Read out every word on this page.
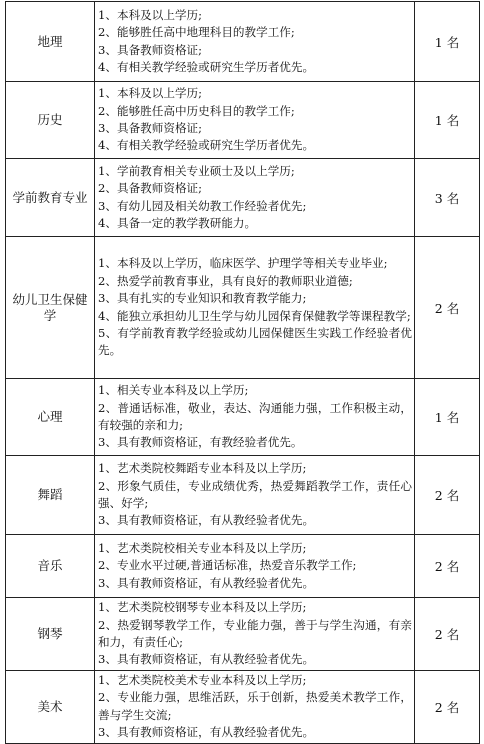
地理	1、本科及以上学历;
2、能够胜任高中地理科目的教学工作;
3、具备教师资格证;
4、有相关教学经验或研究生学历者优先。	1 名
历史	1、本科及以上学历;
2、能够胜任高中历史科目的教学工作;
3、具备教师资格证;
4、有相关教学经验或研究生学历者优先。	1 名
学前教育专业	1、学前教育相关专业硕士及以上学历;
2、具备教师资格证;
3、有幼儿园及相关幼教工作经验者优先;
4、具备一定的教学教研能力。	3 名
幼儿卫生保健学	1、本科及以上学历，临床医学、护理学等相关专业毕业;
2、热爱学前教育事业，具有良好的教师职业道德;
3、具有扎实的专业知识和教育教学能力;
4、能独立承担幼儿卫生学与幼儿园保育保健教学等课程教学;
5、有学前教育教学经验或幼儿园保健医生实践工作经验者优先。	2 名
心理	1、相关专业本科及以上学历;
2、普通话标准，敬业，表达、沟通能力强，工作积极主动，有较强的亲和力;
3、具有教师资格证，有教经验者优先。	1 名
舞蹈	1、艺术类院校舞蹈专业本科及以上学历;
2、形象气质佳，专业成绩优秀，热爱舞蹈教学工作，责任心强、好学;
3、具有教师资格证，有从教经验者优先。	2 名
音乐	1、艺术类院校相关专业本科及以上学历;
2、专业水平过硬,普通话标准，热爱音乐教学工作;
3、具有教师资格证，有从教经验者优先。	2 名
钢琴	1、艺术类院校钢琴专业本科及以上学历;
2、热爱钢琴教学工作，专业能力强，善于与学生沟通，有亲和力，有责任心;
3、具有教师资格证，有从教经验者优先。	2 名
美术	1、艺术类院校美术专业本科及以上学历;
2、专业能力强，思维活跃，乐于创新，热爱美术教学工作，善与学生交流;
3、具有教师资格证，有从教经验者优先。	2 名
